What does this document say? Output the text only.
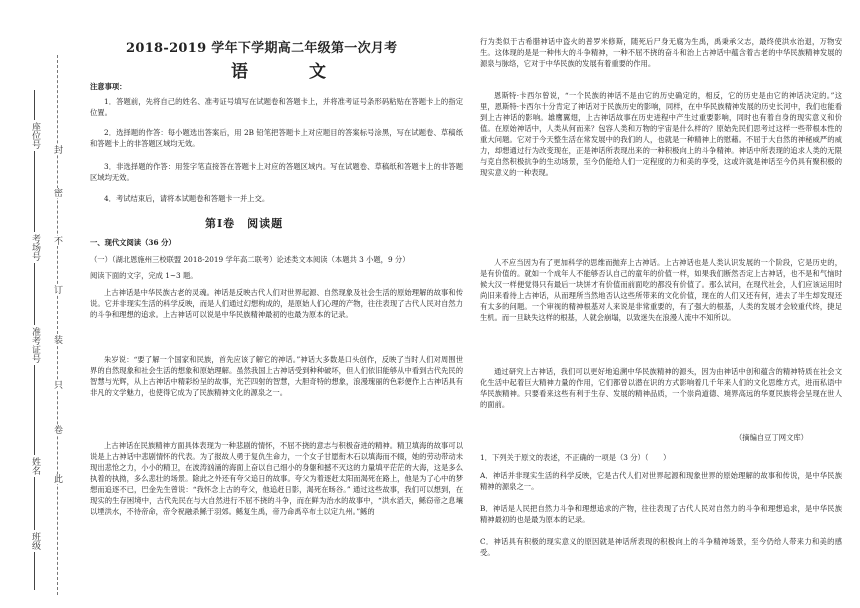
封
密
不
订
装
只
卷
此
座位号
考场号
准考证号
姓名
班级
2018-2019 学年下学期高二年级第一次月考
语　文
注意事项：

1．答题前，先将自己的姓名、准考证号填写在试题卷和答题卡上，并将准考证号条形码粘贴在答题卡上的指定位置。

2．选择题的作答：每小题选出答案后，用 2B 铅笔把答题卡上对应题目的答案标号涂黑，写在试题卷、草稿纸和答题卡上的非答题区域均无效。

3．非选择题的作答：用签字笔直接答在答题卡上对应的答题区域内。写在试题卷、草稿纸和答题卡上的非答题区域均无效。

4．考试结束后，请将本试题卷和答题卡一并上交。

第Ⅰ卷　阅读题
一、现代文阅读（36 分）

（一）（湖北恩施州三校联盟 2018-2019 学年高二联考）论述类文本阅读（本题共 3 小题，9 分）

阅读下面的文字，完成 1~3 题。

上古神话是中华民族古老的灵魂。神话是反映古代人们对世界起源、自然现象及社会生活的原始理解的故事和传说。它并非现实生活的科学反映，而是人们通过幻想构成的，是原始人们心理的产物，往往表现了古代人民对自然力的斗争和理想的追求。上古神话可以说是中华民族精神最初的也最为原本的记录。

朱岁说：“要了解一个国家和民族，首先应该了解它的神话。”神话大多数是口头创作，反映了当时人们对周围世界的自然现象和社会生活的想象和原始理解。虽然我国上古神话受到种种破坏，但人们依旧能够从中看到古代先民的智慧与光辉，从上古神话中精彩纷呈的故事，光芒四射的智慧，大胆奇特的想象，浪漫瑰丽的色彩便作上古神话具有非凡的文学魅力，也使得它成为了民族精神文化的源泉之一。

上古神话在民族精神方面具体表现为一种悲剧的情怀，不屈不挠的意志与积极奋进的精神。精卫填海的故事可以说是上古神话中悲剧情怀的代表。为了报故人勇于复仇生命力，一个女子甘愿衔木石以填海而不辍，她的劳动带动未现出悲怆之力，小小的精卫，在波涛汹涌的海面上奋以自己细小的身躯和撼不灭这的力量填平茫茫的大海，这是多么执着的执拗，多么悲壮的场景。除此之外还有夸父追日的故事。夸父为着逐赶太阳而渴死在路上，他是为了心中的梦想而追逐不已，巴金先生曾说：“我怀念上古的夸父，他追赶日影，渴死在旸谷。” 通过这些故事，我们可以想到，在现实的生存困境中，古代先民在与大自然进行不屈不挠的斗争，而在鲜为治水的故事中，“洪水滔天，鲧窃帝之息壤以堙洪水，不待帝命，帝令祝融杀鲧于羽郊。鲧复生禹，帝乃命禹卒布土以定九州。”鲧的

行为类似于古希腊神话中盗火的普罗米修斯，随死后尸身无腐为生禹，禹秉承父志，最终使洪水治退，万物安生。这体现的是是一种伟大的斗争精神，一种不屈不挠的奋斗和治上古神话中蕴含着古老的中华民族精神发展的源泉与脉络，它对于中华民族的发展有着重要的作用。

恩斯特·卡西尔曾说，“一个民族的神话不是由它的历史确定的，相反，它的历史是由它的神话决定的。”这里，恩斯特·卡西尔十分肯定了神话对于民族历史的影响，同样，在中华民族精神发展的历史长河中，我们也能看到上古神话的影响。雄鹰翼翅，上古神话故事在历史进程中产生过重要影响，同时也有着自身的现实意义和价值。在原始神话中，人类从何而来？包容人类和万物的宇宙是什么样的？原始先民们思考过这样一些带根本性的重大问题。它对于今天整生活在常发展中的我们的人，也就是一种精神上的慰藉。不屈于大自然的神秘威严的威力，却想通过行为改变现在，正是神话所表现出来的一种积极向上的斗争精神。神话中所表现的追求人类的无限与克自然积极抗争的生动场景，至今仍能给人们一定程度的力和美的享受，这或许就是神话至今仍具有聚积极的现实意义的一种表现。

人不应当因为有了更加科学的思维而抛弃上古神话。上古神话也是人类认识发展的一个阶段，它是历史的，是有价值的。就如一个成年人不能够否认自己的童年的价值一样，如果我们断然否定上古神话，也不是和气恼时候大汉一样便觉得只有最后一块饼才有价值而前面吃的都没有价值了。那么试问，在现代社会，人们应该运用时尚旧来看待上古神话，从而理所当然地否认这些所带来的文化价值，现在的人们又还有何，进去了半生却发现还有太多的问题。一个审视的精神根基对人来说是非常重要的，有了强大的根基，人类的发展才会较重代终，捷足生机。而一旦缺失这样的根基，人就会崩塌，以致迷失在浪漫人流中不知所以。

通过研究上古神话，我们可以更好地追溯中华民族精神的源头，因为由神话中创和蕴含的精神特质在社会文化生活中起着巨大精神力量的作用，它们都曾以潜在识的方式影响着几千年来人们的文化思维方式，进而私语中华民族精神。只要看来这些有利于生存、发展的精神品质，一个崇尚道德、境界高远的华夏民族将会呈现在世人的面前。

（摘编自豆丁网文库）

1．下列关于原文的表述，不正确的一项是（3 分）（　　）

A．神话并非现实生活的科学反映，它是古代人们对世界起源和现象世界的原始理解的故事和传说，是中华民族精神的源泉之一。

B．神话是人民把自然力斗争和理想追求的产物，往往表现了古代人民对自然力的斗争和理想追求，是中华民族精神最初的也是最为原本的记录。

C．神话具有积极的现实意义的原因就是神话所表现的积极向上的斗争精神场景，至今仍给人带来力和美的感受。
